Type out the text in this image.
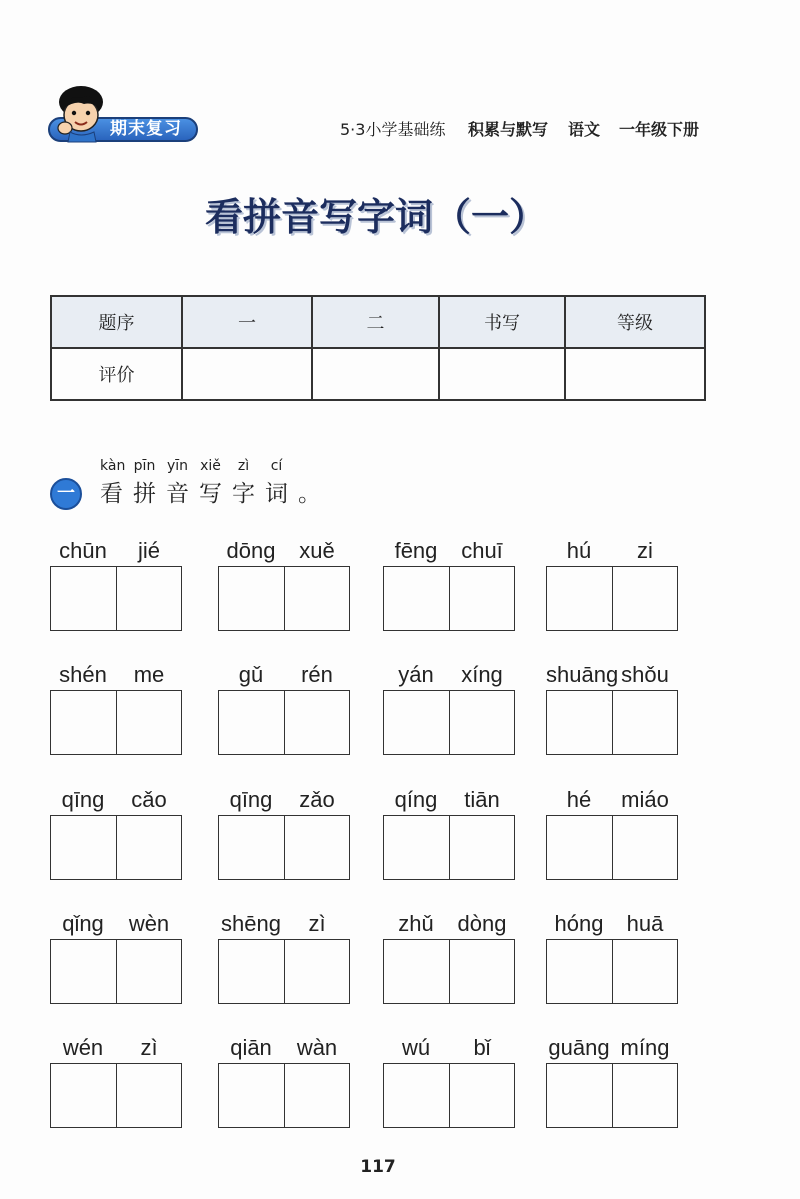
期末复习	5·3小学基础练 积累与默写 语文 一年级下册
看拼音写字词（一）
题序	一	二	书写	等级
评价				
一
kàn pīn yīn xiě zì cí
看拼音写字词。
chūn	jié	dōng	xuě	fēng	chuī	hú	zi
shén	me	gǔ	rén	yán	xíng	shuāng shǒu
qīng	cǎo	qīng	zǎo	qíng	tiān	hé	miáo
qǐng	wèn	shēng	zì	zhǔ	dòng	hóng	huā
wén	zì	qiān	wàn	wú	bǐ	guāng míng
117
